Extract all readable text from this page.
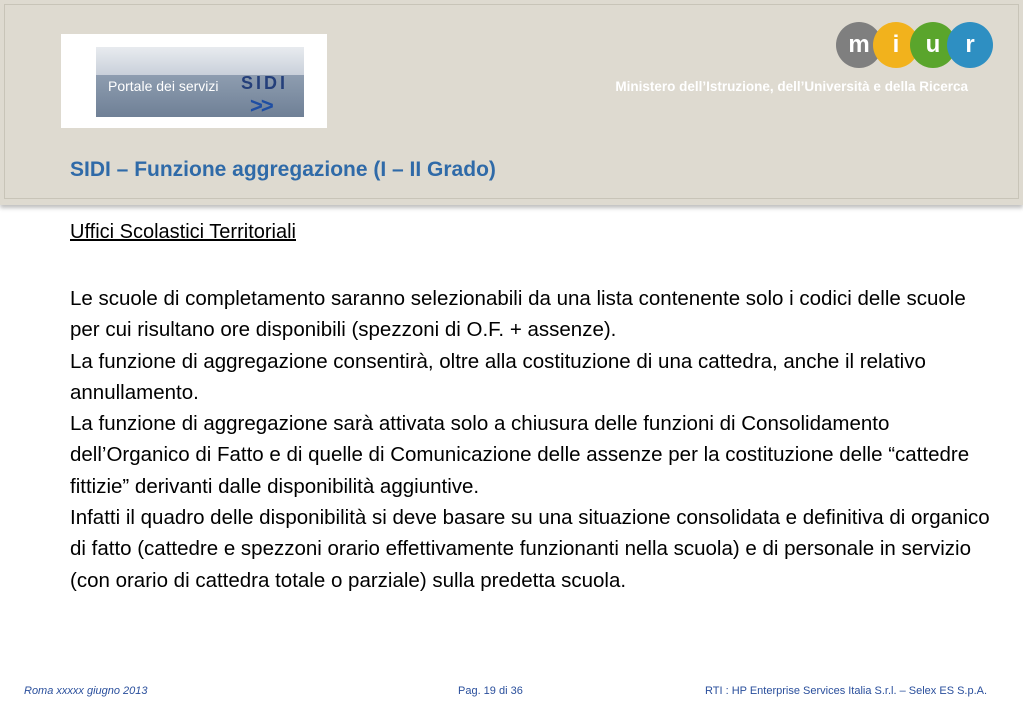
Portale dei servizi SIDI
>>
m i	u	r
Ministero dell’Istruzione, dell’Università e della Ricerca
SIDI – Funzione aggregazione (I – II Grado)
Uffici Scolastici Territoriali

Le scuole di completamento saranno selezionabili da una lista contenente solo i codici delle scuole per cui risultano ore disponibili (spezzoni di O.F. + assenze).

La funzione di aggregazione consentirà, oltre alla costituzione di una cattedra, anche il relativo annullamento.

La funzione di aggregazione sarà attivata solo a chiusura delle funzioni di Consolidamento dell’Organico di Fatto e di quelle di Comunicazione delle assenze per la costituzione delle “cattedre fittizie” derivanti dalle disponibilità aggiuntive.

Infatti il quadro delle disponibilità si deve basare su una situazione consolidata e definitiva di organico di fatto (cattedre e spezzoni orario effettivamente funzionanti nella scuola) e di personale in servizio (con orario di cattedra totale o parziale) sulla predetta scuola.

Roma xxxxx giugno 2013	Pag. 19 di 36	RTI : HP Enterprise Services Italia S.r.l. – Selex ES S.p.A.
